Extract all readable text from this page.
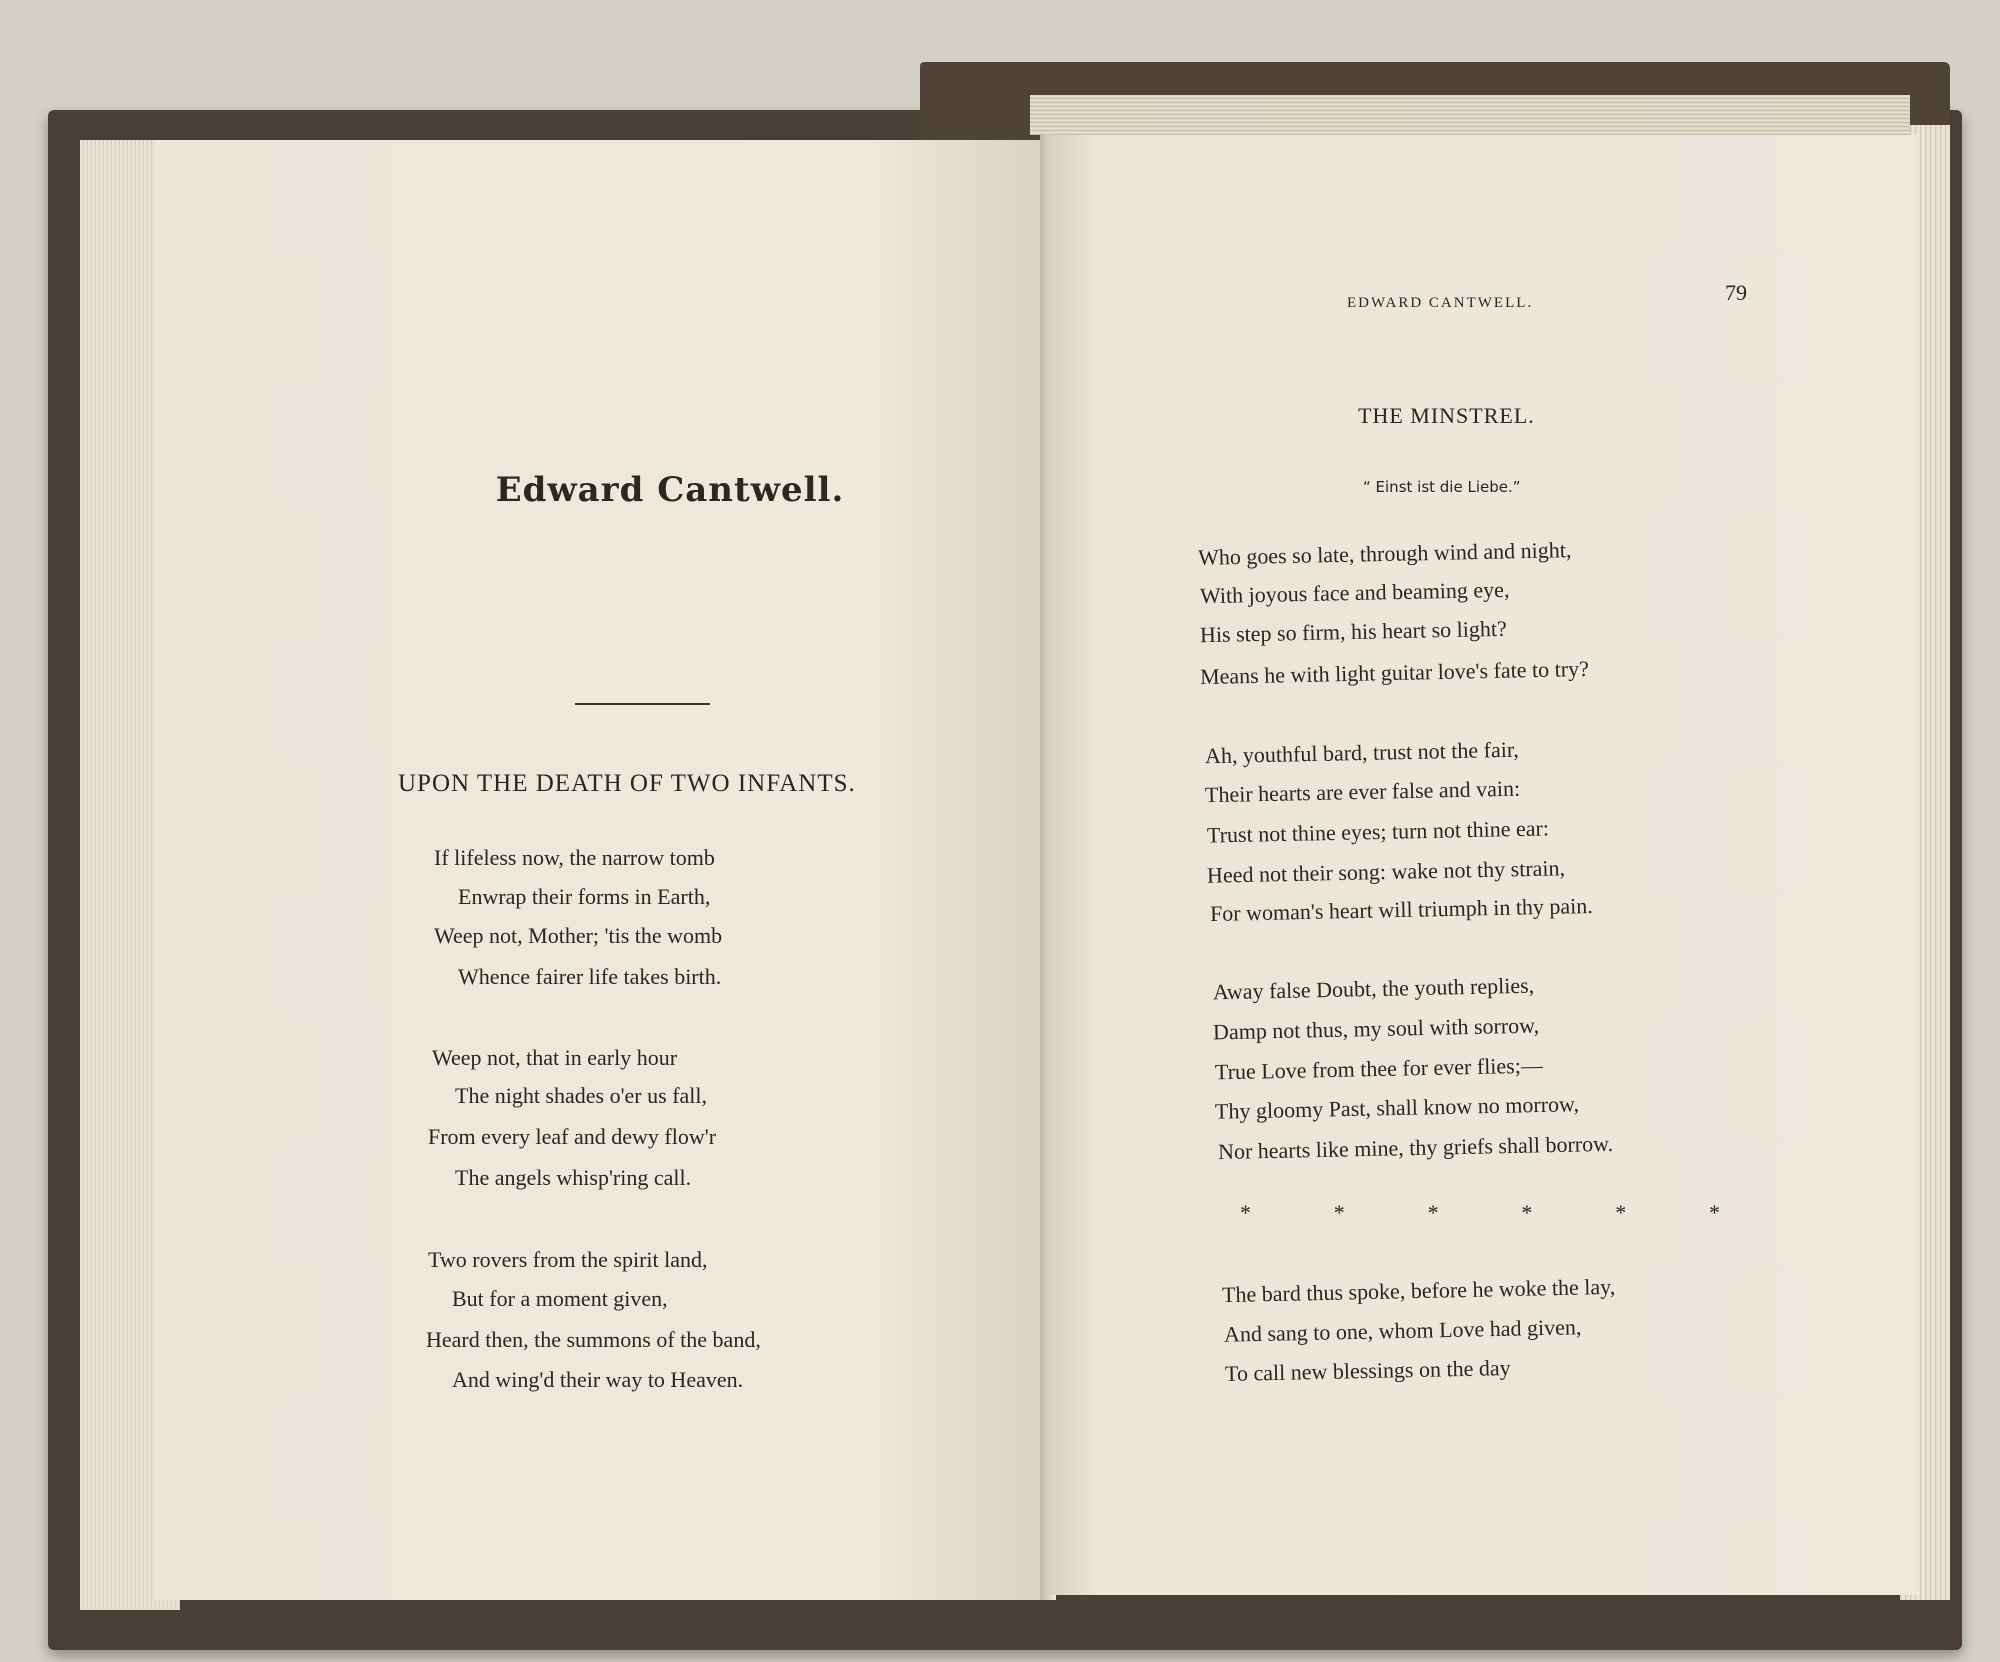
Edward Cantwell.
UPON THE DEATH OF TWO INFANTS.
If lifeless now, the narrow tomb
Enwrap their forms in Earth,
Weep not, Mother; 'tis the womb
Whence fairer life takes birth.
Weep not, that in early hour
The night shades o'er us fall,
From every leaf and dewy flow'r
The angels whisp'ring call.
Two rovers from the spirit land,
But for a moment given,
Heard then, the summons of the band,
And wing'd their way to Heaven.
EDWARD CANTWELL.	79
THE MINSTREL.
“ Einst ist die Liebe.”
Who goes so late, through wind and night,
With joyous face and beaming eye,
His step so firm, his heart so light?
Means he with light guitar love's fate to try?
Ah, youthful bard, trust not the fair,
Their hearts are ever false and vain:
Trust not thine eyes; turn not thine ear:
Heed not their song: wake not thy strain,
For woman's heart will triumph in thy pain.
Away false Doubt, the youth replies,
Damp not thus, my soul with sorrow,
True Love from thee for ever flies;—
Thy gloomy Past, shall know no morrow,
Nor hearts like mine, thy griefs shall borrow.
*	*	*	*	*	*
The bard thus spoke, before he woke the lay,
And sang to one, whom Love had given,
To call new blessings on the day
